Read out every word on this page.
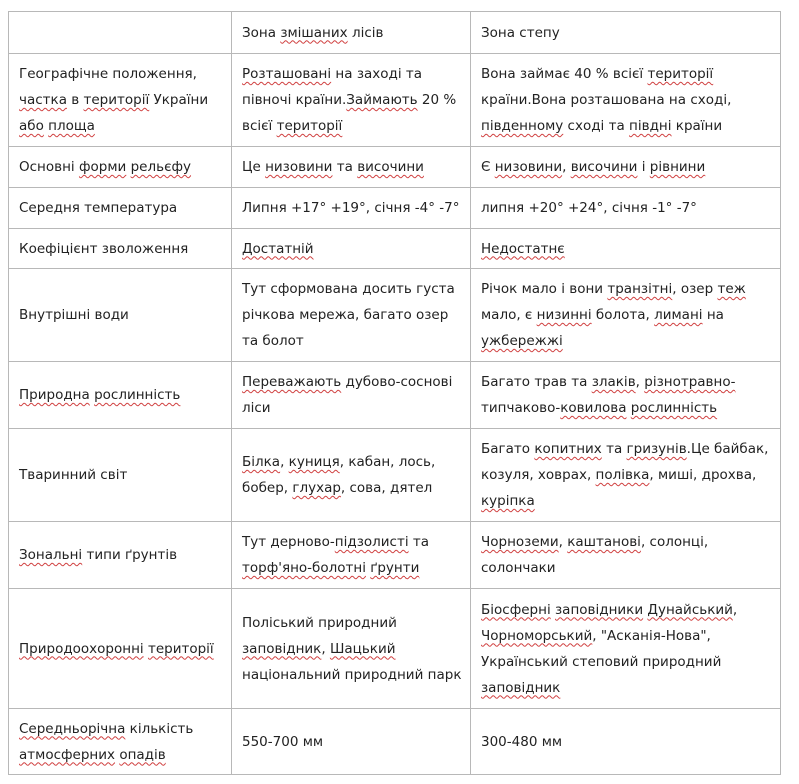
	Зона змішаних лісів	Зона степу
Географічне положення, частка в території України або площа	Розташовані на заході та півночі країни.Займають 20 % всієї території	Вона займає 40 % всієї території країни.Вона розташована на сході, південному сході та півдні країни
Основні форми рельєфу	Це низовини та височини	Є низовини, височини і рівнини
Середня температура	Липня +17° +19°, січня -4° -7°	липня +20° +24°, січня -1° -7°
Коефіцієнт зволоження	Достатній	Недостатнє
Внутрішні води	Тут сформована досить густа річкова мережа, багато озер та болот	Річок мало і вони транзітні, озер теж мало, є низинні болота, лимані на ужбережжі
Природна рослинність	Переважають дубово-соснові ліси	Багато трав та злаків, різнотравно-типчаково-ковилова рослинність
Тваринний світ	Білка, куниця, кабан, лось, бобер, глухар, сова, дятел	Багато копитних та гризунів.Це байбак, козуля, ховрах, полівка, миші, дрохва, куріпка
Зональні типи ґрунтів	Тут дерново-підзолисті та торф'яно-болотні ґрунти	Чорноземи, каштанові, солонці, солончаки
Природоохоронні території	Поліський природний заповідник, Шацький національний природний парк	Біосферні заповідники Дунайський, Чорноморський, "Асканія-Нова", Український степовий природний заповідник
Середньорічна кількість атмосферних опадів	550-700 мм	300-480 мм
